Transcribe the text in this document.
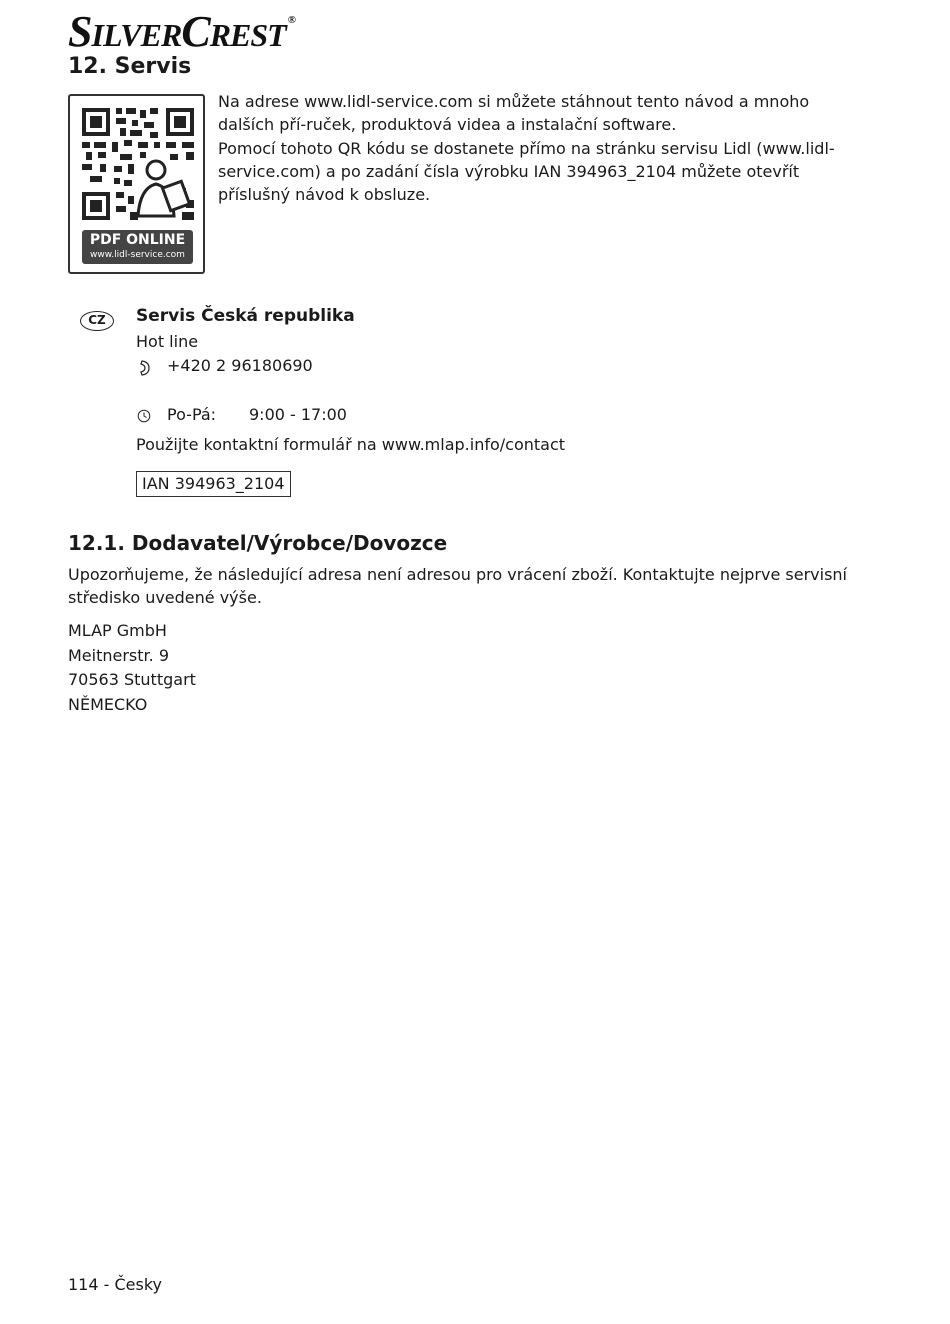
SILVERCREST ®
12. Servis
PDF ONLINE
www.lidl-service.com

Na adrese www.lidl-service.com si můžete stáhnout tento návod a mnoho dalších pří-ruček, produktová videa a instalační software.

Pomocí tohoto QR kódu se dostanete přímo na stránku servisu Lidl (www.lidl-service.com) a po zadání čísla výrobku IAN 394963_2104 můžete otevřít příslušný návod k obsluze.

CZ	Servis Česká republika
Hot line
+420 2 96180690
Po-Pá: 9:00 - 17:00
Použijte kontaktní formulář na www.mlap.info/contact
IAN 394963_2104
12.1. Dodavatel/Výrobce/Dovozce
Upozorňujeme, že následující adresa není adresou pro vrácení zboží. Kontaktujte nejprve servisní středisko uvedené výše.
MLAP GmbH
Meitnerstr. 9
70563 Stuttgart
NĚMECKO
114 - Česky
